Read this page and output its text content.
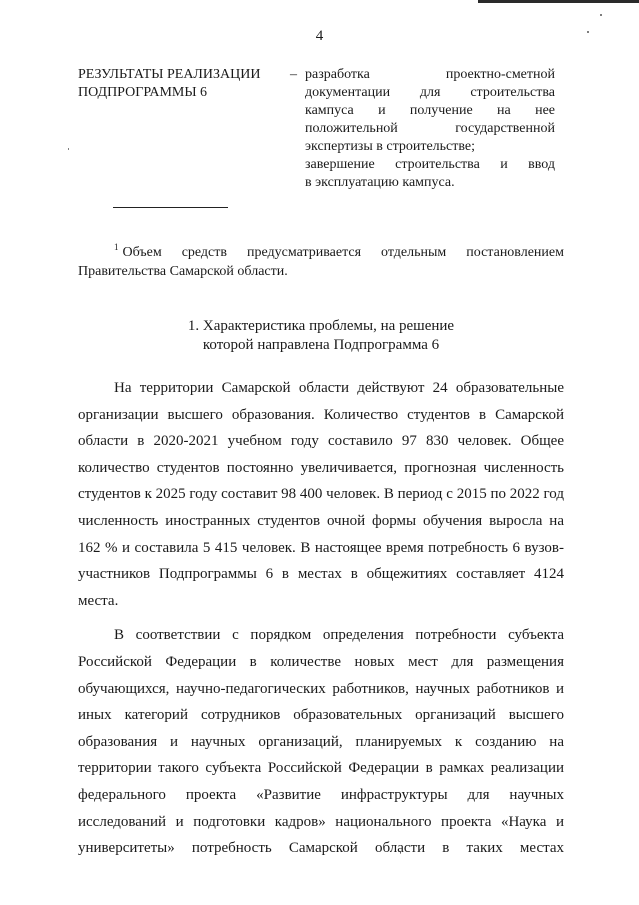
4
РЕЗУЛЬТАТЫ РЕАЛИЗАЦИИ ПОДПРОГРАММЫ 6
– разработка проектно-сметной
документации для строительства
кампуса и получение на нее
положительной государственной
экспертизы в строительстве;
завершение строительства и ввод
в эксплуатацию кампуса.
$^1$ Объем средств предусматривается отдельным постановлением Правительства Самарской области.
1. Характеристика проблемы, на решение
которой направлена Подпрограмма 6

На территории Самарской области действуют 24 образовательные организации высшего образования. Количество студентов в Самарской области в 2020-2021 учебном году составило 97 830 человек. Общее количество студентов постоянно увеличивается, прогнозная численность студентов к 2025 году составит 98 400 человек. В период с 2015 по 2022 год численность иностранных студентов очной формы обучения выросла на 162 % и составила 5 415 человек. В настоящее время потребность 6 вузов- участников Подпрограммы 6 в местах в общежитиях составляет 4124 места.

В соответствии с порядком определения потребности субъекта Российской Федерации в количестве новых мест для размещения обучающихся, научно-педагогических работников, научных работников и иных категорий сотрудников образовательных организаций высшего образования и научных организаций, планируемых к созданию на территории такого субъекта Российской Федерации в рамках реализации федерального проекта «Развитие инфраструктуры для научных исследований и подготовки кадров» национального проекта «Наука и университеты» потребность Самарской области в таких местах
